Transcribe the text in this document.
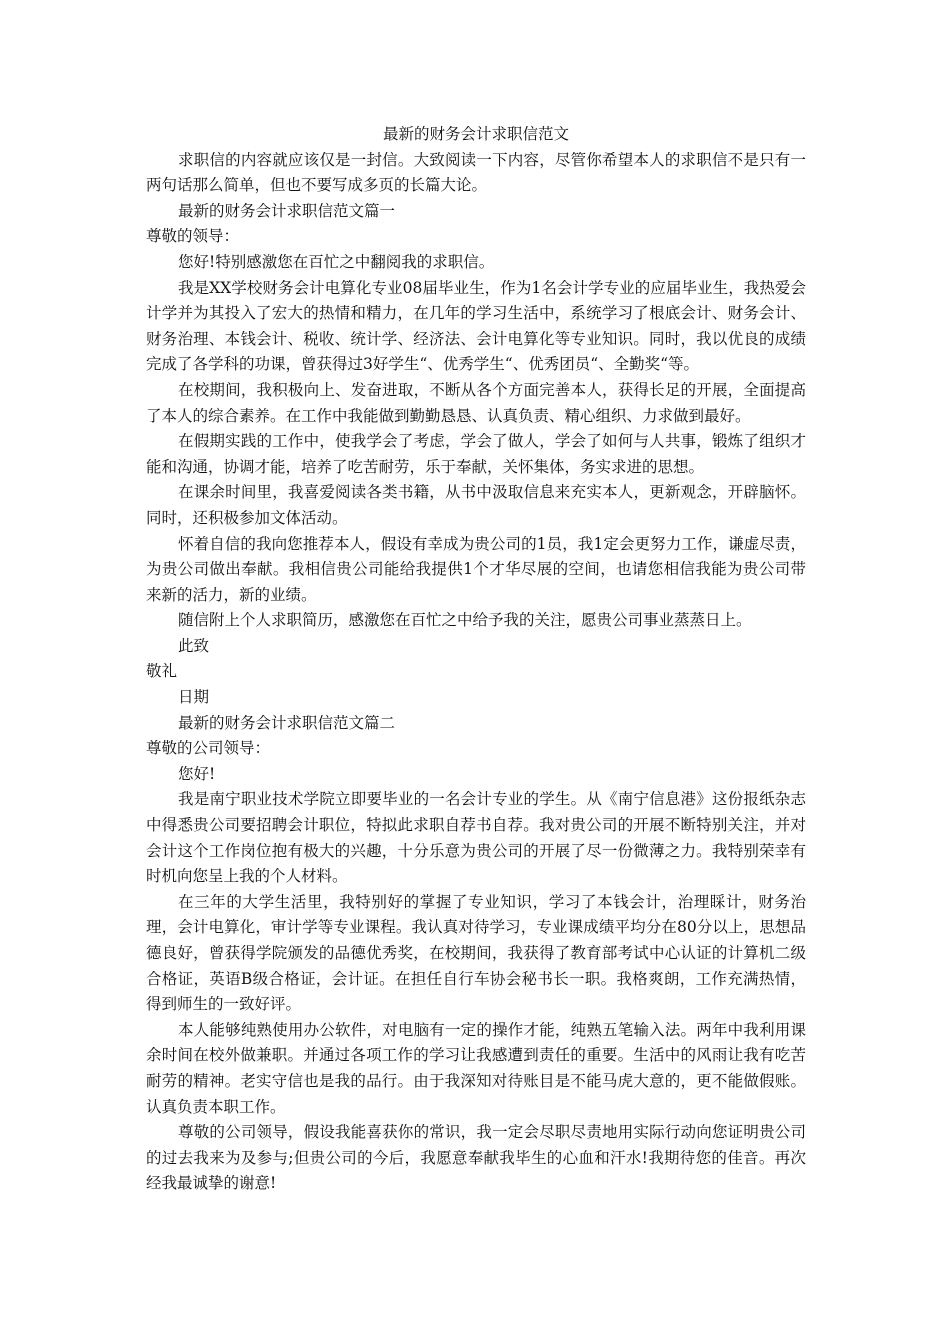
最新的财务会计求职信范文

求职信的内容就应该仅是一封信。大致阅读一下内容，尽管你希望本人的求职信不是只有一两句话那么简单，但也不要写成多页的长篇大论。

最新的财务会计求职信范文篇一

尊敬的领导：

您好!特别感激您在百忙之中翻阅我的求职信。

我是XX学校财务会计电算化专业08届毕业生，作为1名会计学专业的应届毕业生，我热爱会计学并为其投入了宏大的热情和精力，在几年的学习生活中，系统学习了根底会计、财务会计、财务治理、本钱会计、税收、统计学、经济法、会计电算化等专业知识。同时，我以优良的成绩完成了各学科的功课，曾获得过3好学生“、优秀学生“、优秀团员“、全勤奖“等。

在校期间，我积极向上、发奋进取，不断从各个方面完善本人，获得长足的开展，全面提高了本人的综合素养。在工作中我能做到勤勤恳恳、认真负责、精心组织、力求做到最好。

在假期实践的工作中，使我学会了考虑，学会了做人，学会了如何与人共事，锻炼了组织才能和沟通，协调才能，培养了吃苦耐劳，乐于奉献，关怀集体，务实求进的思想。

在课余时间里，我喜爱阅读各类书籍，从书中汲取信息来充实本人，更新观念，开辟脑怀。同时，还积极参加文体活动。

怀着自信的我向您推荐本人，假设有幸成为贵公司的1员，我1定会更努力工作，谦虚尽责，为贵公司做出奉献。我相信贵公司能给我提供1个才华尽展的空间，也请您相信我能为贵公司带来新的活力，新的业绩。

随信附上个人求职简历，感激您在百忙之中给予我的关注，愿贵公司事业蒸蒸日上。

此致

敬礼

日期

最新的财务会计求职信范文篇二

尊敬的公司领导：

您好!

我是南宁职业技术学院立即要毕业的一名会计专业的学生。从《南宁信息港》这份报纸杂志中得悉贵公司要招聘会计职位，特拟此求职自荐书自荐。我对贵公司的开展不断特别关注，并对会计这个工作岗位抱有极大的兴趣，十分乐意为贵公司的开展了尽一份微薄之力。我特别荣幸有时机向您呈上我的个人材料。

在三年的大学生活里，我特别好的掌握了专业知识，学习了本钱会计，治理睬计，财务治理，会计电算化，审计学等专业课程。我认真对待学习，专业课成绩平均分在80分以上，思想品德良好，曾获得学院颁发的品德优秀奖，在校期间，我获得了教育部考试中心认证的计算机二级合格证，英语B级合格证，会计证。在担任自行车协会秘书长一职。我格爽朗，工作充满热情，得到师生的一致好评。

本人能够纯熟使用办公软件，对电脑有一定的操作才能，纯熟五笔输入法。两年中我利用课余时间在校外做兼职。并通过各项工作的学习让我感遭到责任的重要。生活中的风雨让我有吃苦耐劳的精神。老实守信也是我的品行。由于我深知对待账目是不能马虎大意的，更不能做假账。认真负责本职工作。

尊敬的公司领导，假设我能喜获你的常识，我一定会尽职尽责地用实际行动向您证明贵公司的过去我来为及参与;但贵公司的今后，我愿意奉献我毕生的心血和汗水!我期待您的佳音。再次经我最诚挚的谢意!
